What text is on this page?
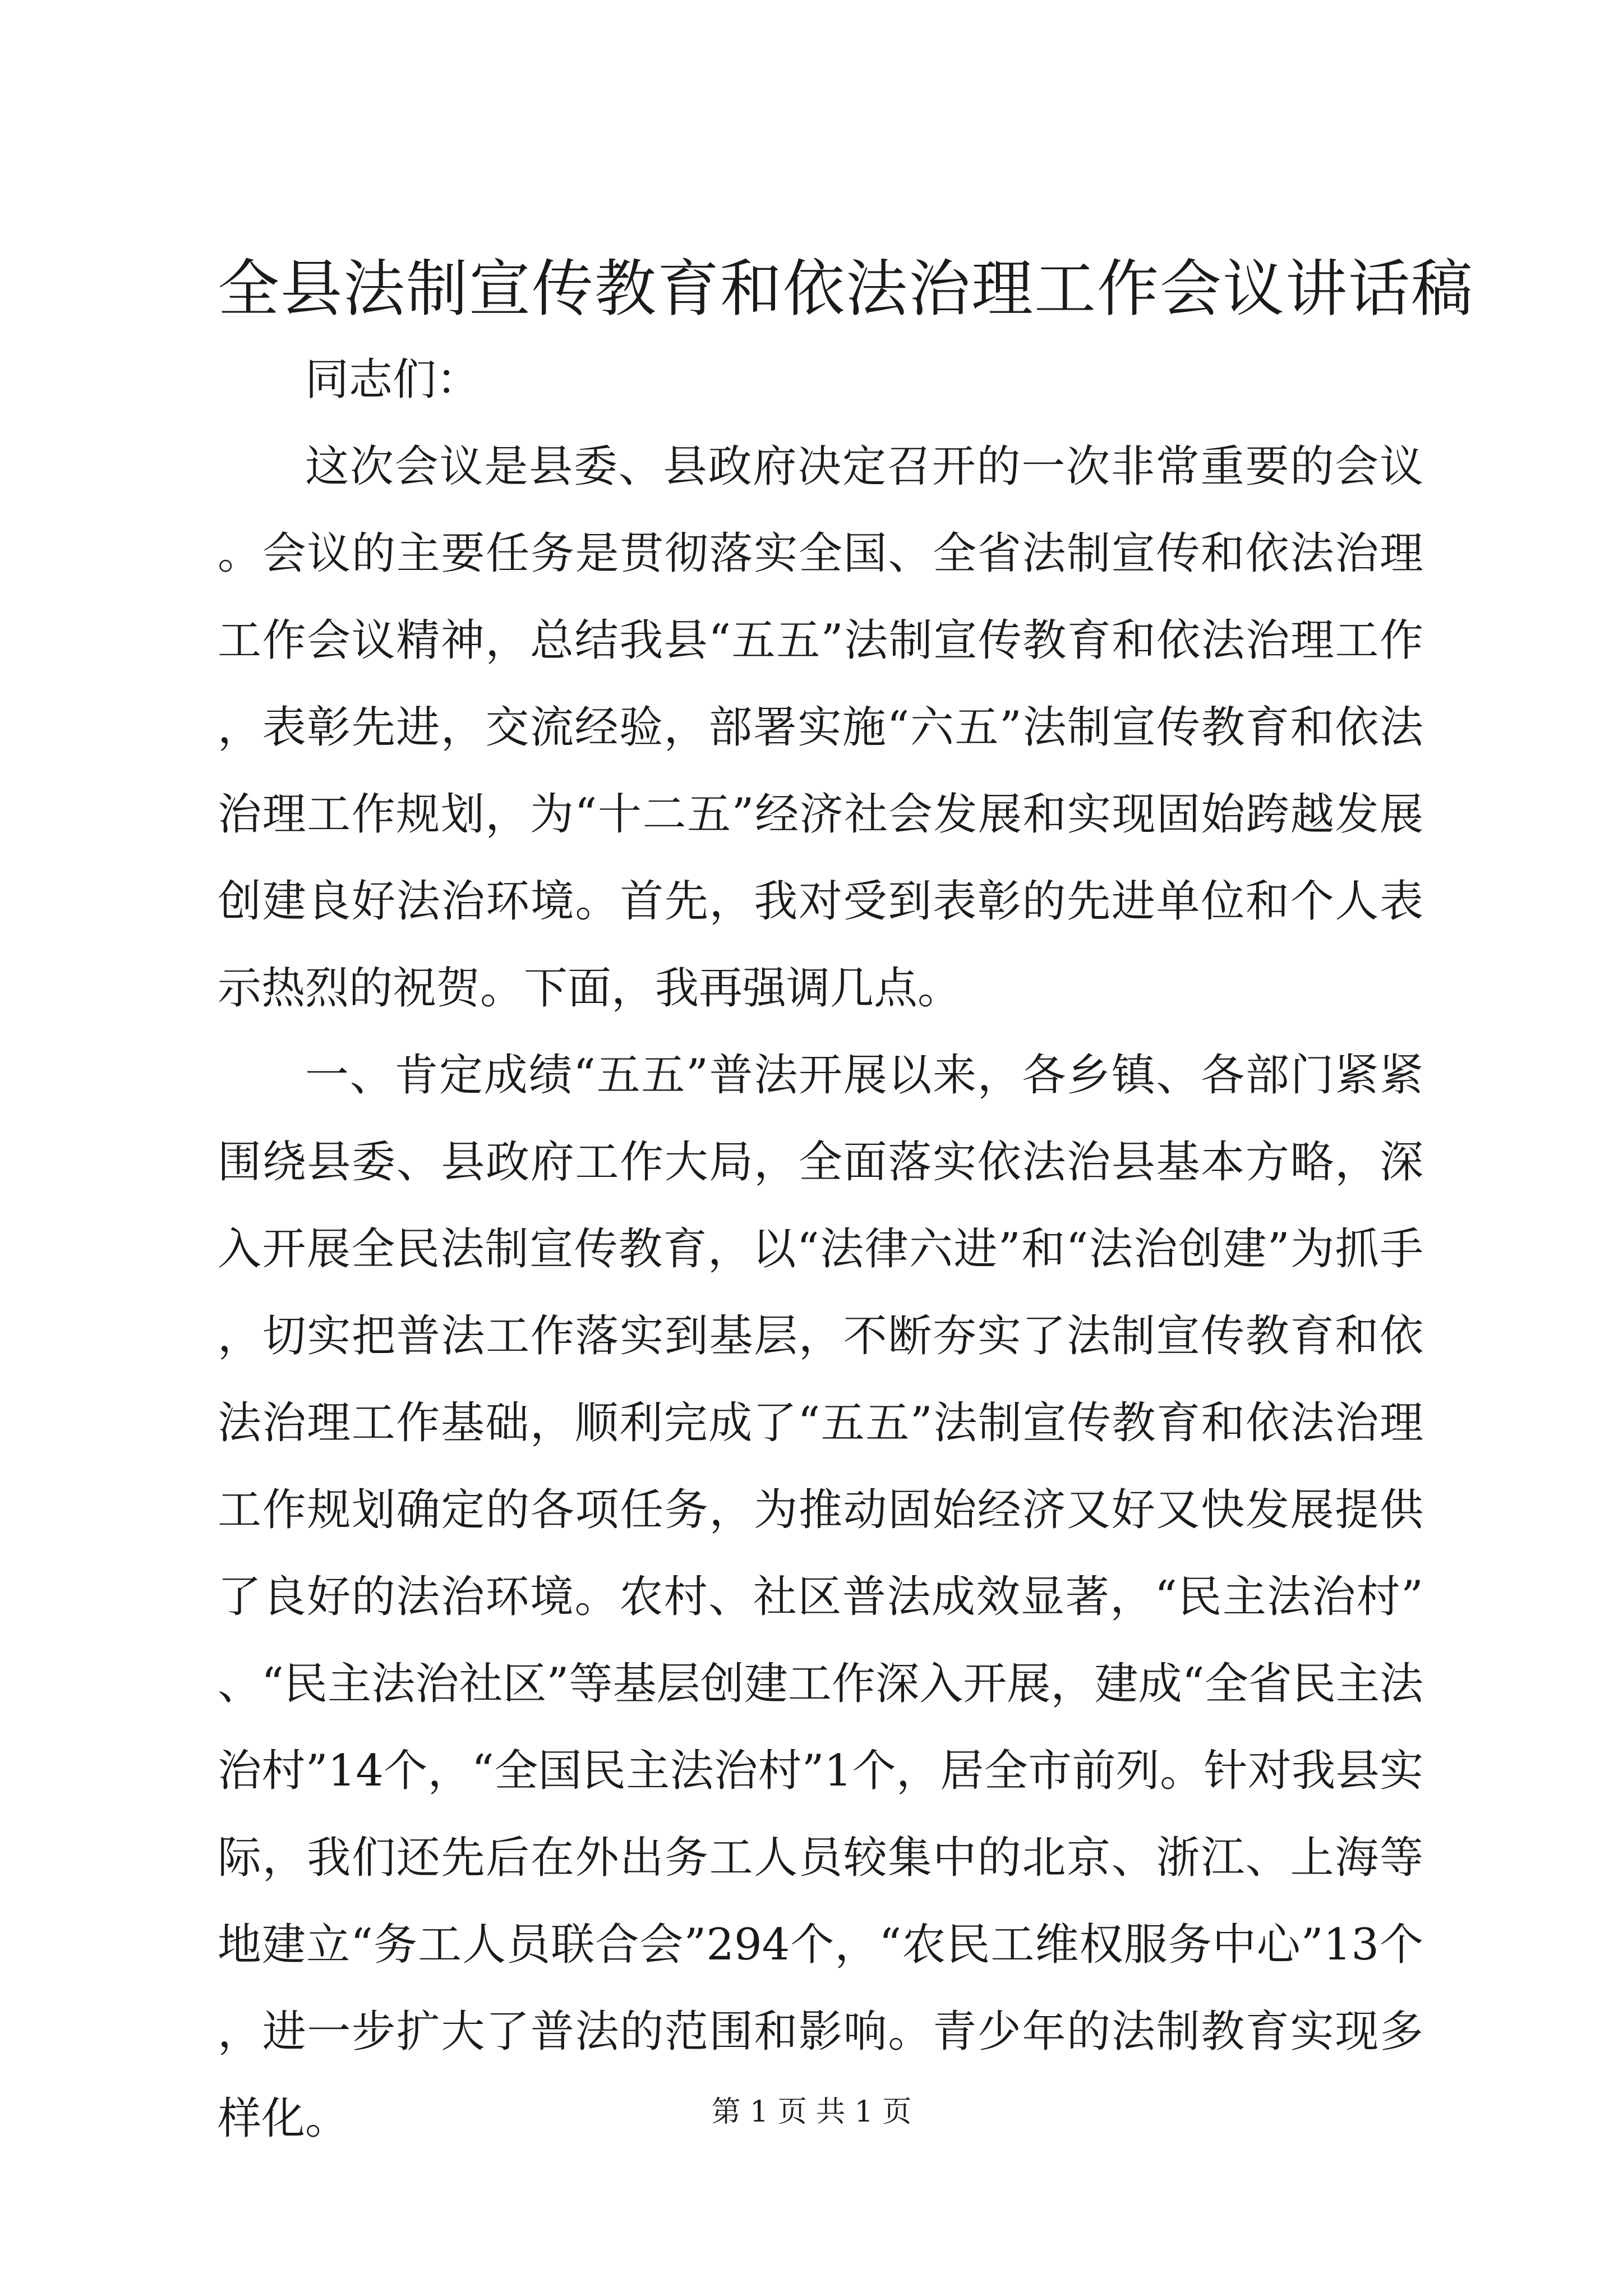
全县法制宣传教育和依法治理工作会议讲话稿

同志们：

这次会议是县委、县政府决定召开的一次非常重要的会议。会议的主要任务是贯彻落实全国、全省法制宣传和依法治理工作会议精神，总结我县“五五”法制宣传教育和依法治理工作，表彰先进，交流经验，部署实施“六五”法制宣传教育和依法治理工作规划，为“十二五”经济社会发展和实现固始跨越发展创建良好法治环境。首先，我对受到表彰的先进单位和个人表示热烈的祝贺。下面，我再强调几点。

一、肯定成绩“五五”普法开展以来，各乡镇、各部门紧紧围绕县委、县政府工作大局，全面落实依法治县基本方略，深入开展全民法制宣传教育，以“法律六进”和“法治创建”为抓手，切实把普法工作落实到基层，不断夯实了法制宣传教育和依法治理工作基础，顺利完成了“五五”法制宣传教育和依法治理工作规划确定的各项任务，为推动固始经济又好又快发展提供了良好的法治环境。农村、社区普法成效显著，“民主法治村”、“民主法治社区”等基层创建工作深入开展，建成“全省民主法治村”14个，“全国民主法治村”1个，居全市前列。针对我县实际，我们还先后在外出务工人员较集中的北京、浙江、上海等地建立“务工人员联合会”294个，“农民工维权服务中心”13个，进一步扩大了普法的范围和影响。青少年的法制教育实现多样化。	第 1 页 共 1 页
